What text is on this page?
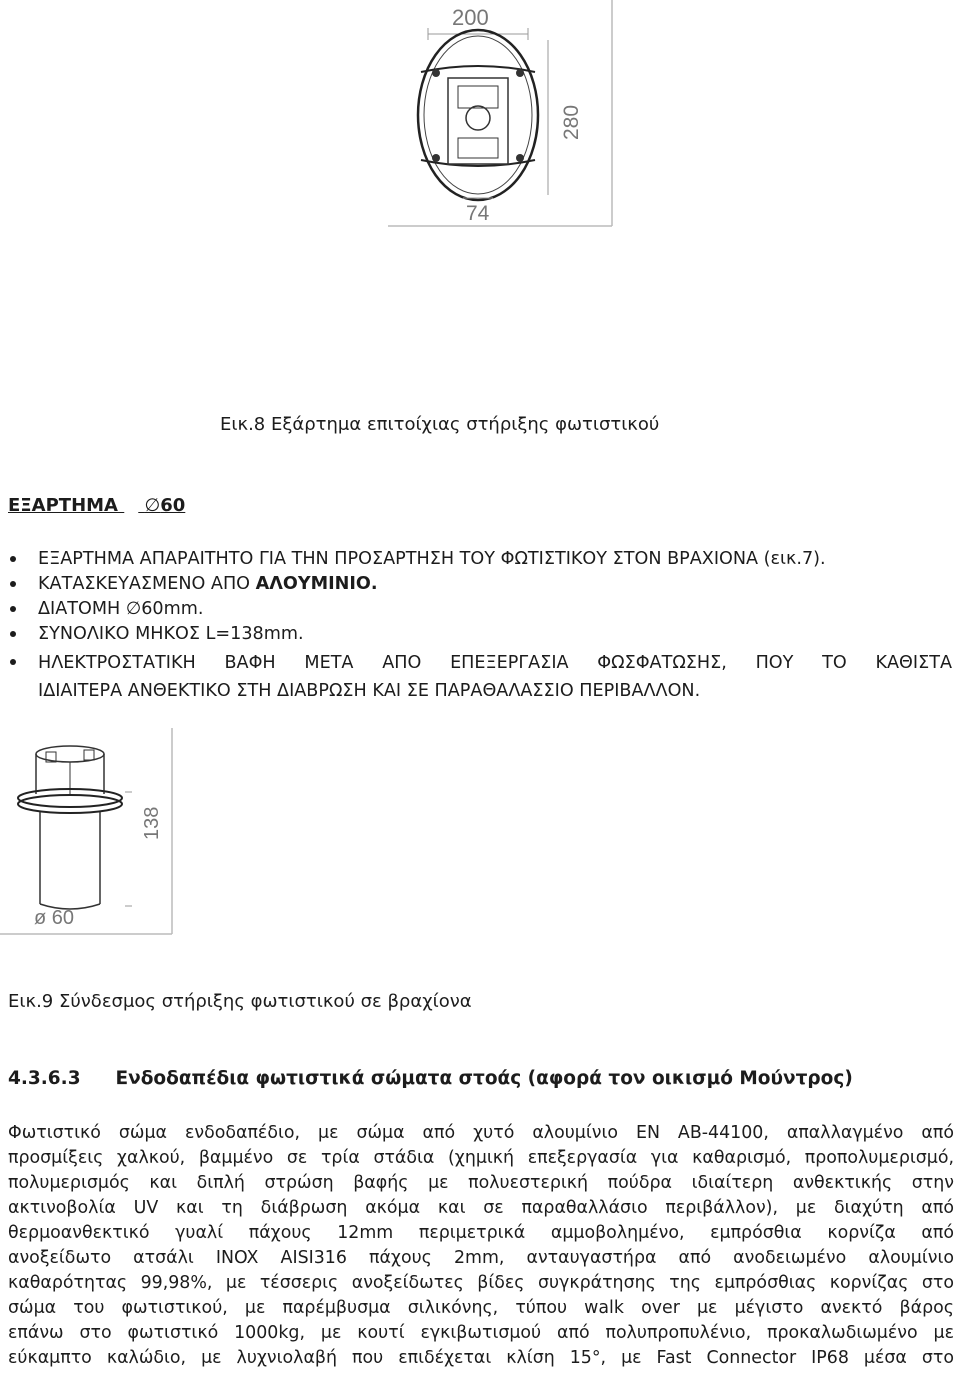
200
280
74
Εικ.8 Εξάρτημα επιτοίχιας στήριξης φωτιστικού
ΕΞΑΡΤΗΜΑ ∅60
ΕΞΑΡΤΗΜΑ ΑΠΑΡΑΙΤΗΤΟ ΓΙΑ ΤΗΝ ΠΡΟΣΑΡΤΗΣΗ ΤΟΥ ΦΩΤΙΣΤΙΚΟΥ ΣΤΟΝ ΒΡΑΧΙΟΝΑ (εικ.7).
ΚΑΤΑΣΚΕΥΑΣΜΕΝΟ ΑΠΟ ΑΛΟΥΜΙΝΙΟ.
ΔΙΑΤΟΜΗ ∅60mm.
ΣΥΝΟΛΙΚΟ ΜΗΚΟΣ L=138mm.
ΗΛΕΚΤΡΟΣΤΑΤΙΚΗ  ΒΑΦΗ  ΜΕΤΑ  ΑΠΟ  ΕΠΕΞΕΡΓΑΣΙΑ  ΦΩΣΦΑΤΩΣΗΣ,  ΠΟΥ  ΤΟ  ΚΑΘΙΣΤΑ
ΙΔΙΑΙΤΕΡΑ ΑΝΘΕΚΤΙΚΟ ΣΤΗ ΔΙΑΒΡΩΣΗ ΚΑΙ ΣΕ ΠΑΡΑΘΑΛΑΣΣΙΟ ΠΕΡΙΒΑΛΛΟΝ.
138
ø 60
Εικ.9 Σύνδεσμος στήριξης φωτιστικού σε βραχίονα
4.3.6.3 Ενδοδαπέδια φωτιστικά σώματα στοάς (αφορά τον οικισμό Μούντρος)
Φωτιστικό σώμα ενδοδαπέδιο, με σώμα από χυτό αλουμίνιο EN AB-44100, απαλλαγμένο από
προσμίξεις χαλκού, βαμμένο σε τρία στάδια (χημική επεξεργασία για καθαρισμό, προπολυμερισμό,
πολυμερισμός και διπλή στρώση βαφής με πολυεστερική πούδρα ιδιαίτερη ανθεκτικής στην
ακτινοβολία UV και τη διάβρωση ακόμα και σε παραθαλλάσιο περιβάλλον), με διαχύτη από
θερμοανθεκτικό γυαλί πάχους 12mm περιμετρικά αμμοβολημένο, εμπρόσθια κορνίζα από
ανοξείδωτο ατσάλι INOX AISI316 πάχους 2mm, ανταυγαστήρα από ανοδειωμένο αλουμίνιο
καθαρότητας 99,98%, με τέσσερις ανοξείδωτες βίδες συγκράτησης της εμπρόσθιας κορνίζας στο
σώμα του φωτιστικού, με παρέμβυσμα σιλικόνης, τύπου walk over με μέγιστο ανεκτό βάρος
επάνω στο φωτιστικό 1000kg, με κουτί εγκιβωτισμού από πολυπροπυλένιο, προκαλωδιωμένο με
εύκαμπτο καλώδιο, με λυχνιολαβή που επιδέχεται κλίση 15°, με Fast Connector IP68 μέσα στο
